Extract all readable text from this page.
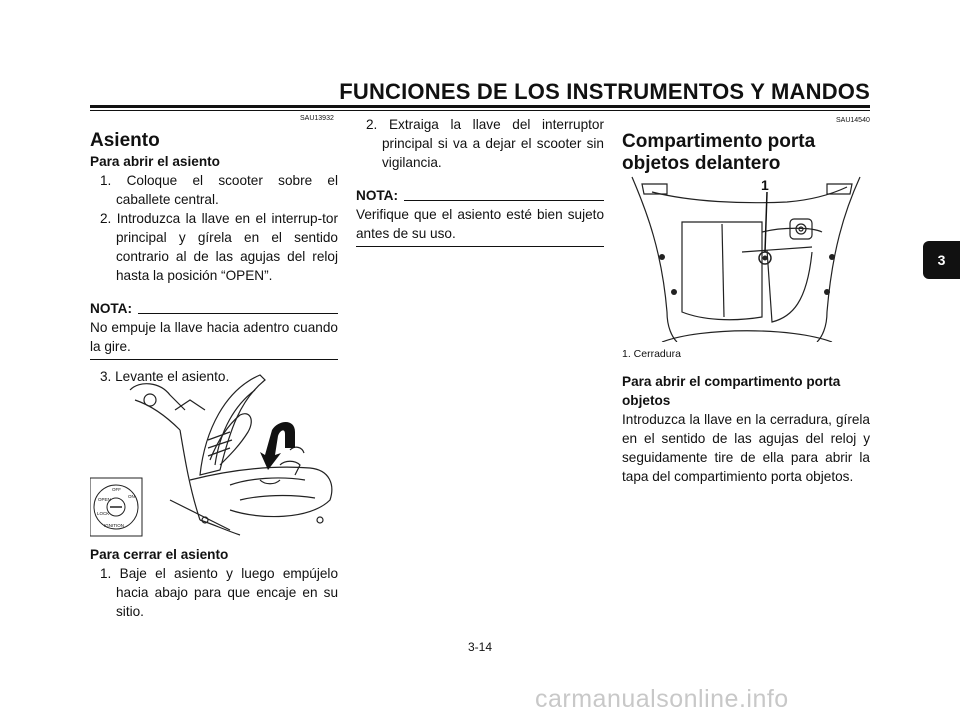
FUNCIONES DE LOS INSTRUMENTOS Y MANDOS
SAU13932
Asiento
Para abrir el asiento
1. Coloque el scooter sobre el caballete central.
2. Introduzca la llave en el interrup-tor principal y gírela en el sentido contrario al de las agujas del reloj hasta la posición “OPEN”.
NOTA:
No empuje la llave hacia adentro cuando la gire.
3. Levante el asiento.
OPEN
OFF
ON
LOCK
IGNITION
Para cerrar el asiento
1. Baje el asiento y luego empújelo hacia abajo para que encaje en su sitio.
2. Extraiga la llave del interruptor principal si va a dejar el scooter sin vigilancia.
NOTA:
Verifique que el asiento esté bien sujeto antes de su uso.
SAU14540
Compartimento porta objetos delantero
1
1. Cerradura
Para abrir el compartimento porta objetos
Introduzca la llave en la cerradura, gírela en el sentido de las agujas del reloj y seguidamente tire de ella para abrir la tapa del compartimiento porta objetos.
3
3-14
carmanualsonline.info
